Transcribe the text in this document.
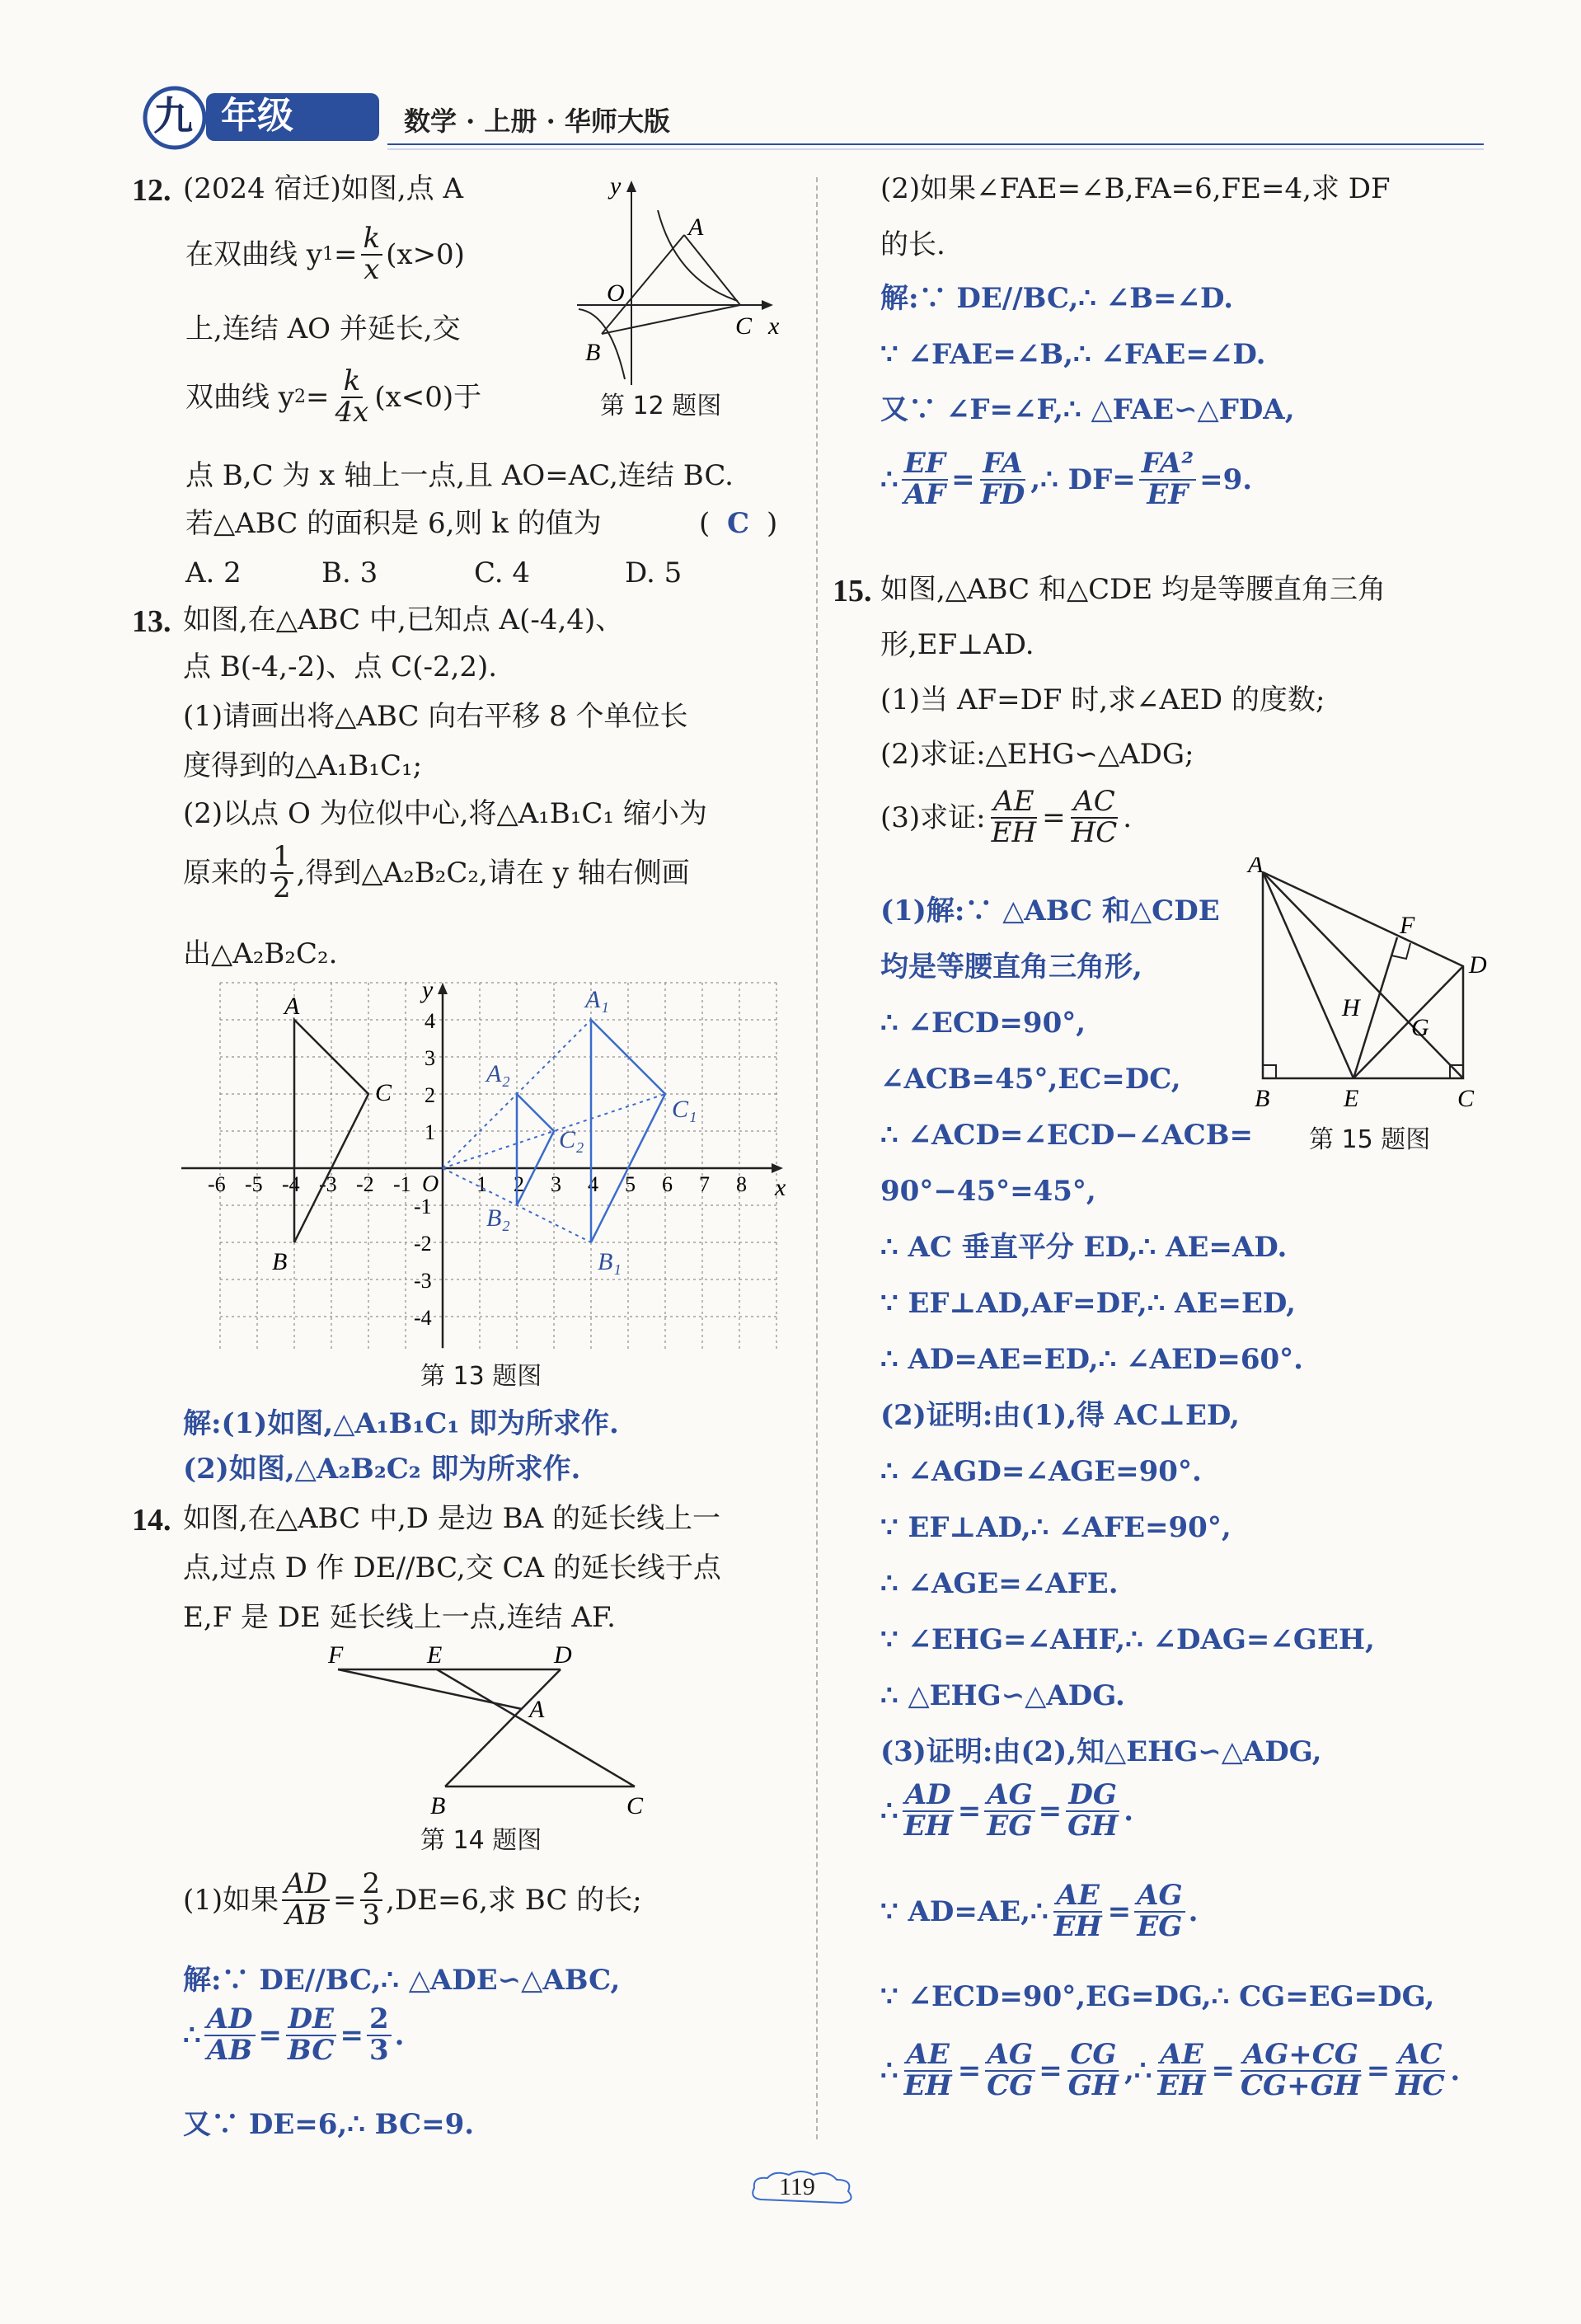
九 年级	数学 · 上册 · 华师大版
12. (2024 宿迁)如图,点 A
在双曲线 y $1 = \frac{k}{x} (x>0)$
上,连结 AO 并延长,交
双曲线 y $2 = \frac{k}{4x} (x<0)$于
点 B,C 为 x 轴上一点,且 AO=AC,连结 BC.
若△ABC 的面积是 6,则 k 的值为	( C )
A. 2	B. 3	C. 4	D. 5
y
x
A
O
C
B
第 12 题图
13. 如图,在△ABC 中,已知点 A(-4,4)、
点 B(-4,-2)、点 C(-2,2).
(1)请画出将△ABC 向右平移 8 个单位长
度得到的△A₁B₁C₁;
(2)以点 O 为位似中心,将△A₁B₁C₁ 缩小为
原来的 $\frac{1}{2}$ ,得到△A₂B₂C₂,请在 y 轴右侧画
出△A₂B₂C₂.
-6 -5 -4 -3 -2 -1	1 2 3 4 5 6 7 8
4
3
2
1
-1
-2
-3
-4
x
y
O
A
B
C
A₁
B₁
C₁
A₂
B₂
C₂
第 13 题图
解:(1)如图,△A₁B₁C₁ 即为所求作.
(2)如图,△A₂B₂C₂ 即为所求作.
14. 如图,在△ABC 中,D 是边 BA 的延长线上一
点,过点 D 作 DE//BC,交 CA 的延长线于点
E,F 是 DE 延长线上一点,连结 AF.
F	E	D
A
B	C
第 14 题图
(1)如果 $\frac{AD}{AB} = \frac{2}{3} ,DE=6$,求 BC 的长;
解:∵ DE//BC,∴ △ADE∽△ABC,
∴ $\frac{AD}{AB} = \frac{DE}{BC} = \frac{2}{3}$ .
又∵ DE=6,∴ BC=9.
(2)如果∠FAE=∠B,FA=6,FE=4,求 DF
的长.
解:∵ DE//BC,∴ ∠B=∠D.
∵ ∠FAE=∠B,∴ ∠FAE=∠D.
又∵ ∠F=∠F,∴ △FAE∽△FDA,
∴ $\frac{EF}{AF} = \frac{FA}{FD}$ ,∴ $DF= \frac{\text{FA²}}{EF} =9$.
15. 如图,△ABC 和△CDE 均是等腰直角三角
形,EF⊥AD.
(1)当 AF=DF 时,求∠AED 的度数;
(2)求证:△EHG∽△ADG;
(3)求证: $\frac{AE}{EH} = \frac{AC}{HC}$ .
A
F
D
H
G
B	E	C
第 15 题图
(1)解:∵ △ABC 和△CDE
均是等腰直角三角形,
∴ ∠ECD=90°,
∠ACB=45°,EC=DC,
∴ ∠ACD=∠ECD−∠ACB=
90°−45°=45°,
∴ AC 垂直平分 ED,∴ AE=AD.
∵ EF⊥AD,AF=DF,∴ AE=ED,
∴ AD=AE=ED,∴ ∠AED=60°.
(2)证明:由(1),得 AC⊥ED,
∴ ∠AGD=∠AGE=90°.
∵ EF⊥AD,∴ ∠AFE=90°,
∴ ∠AGE=∠AFE.
∵ ∠EHG=∠AHF,∴ ∠DAG=∠GEH,
∴ △EHG∽△ADG.
(3)证明:由(2),知△EHG∽△ADG,
∴ $\frac{AD}{EH} = \frac{AG}{EG} = \frac{DG}{GH}$ .
∵ AD=AE,∴ $\frac{AE}{EH} = \frac{AG}{EG}$ .
∵ ∠ECD=90°,EG=DG,∴ CG=EG=DG,
∴ $\frac{AE}{EH} = \frac{AG}{CG} = \frac{CG}{GH}$ ,∴ $\frac{AE}{EH} = \frac{AG+CG}{CG+GH} = \frac{AC}{HC}$ .
119
